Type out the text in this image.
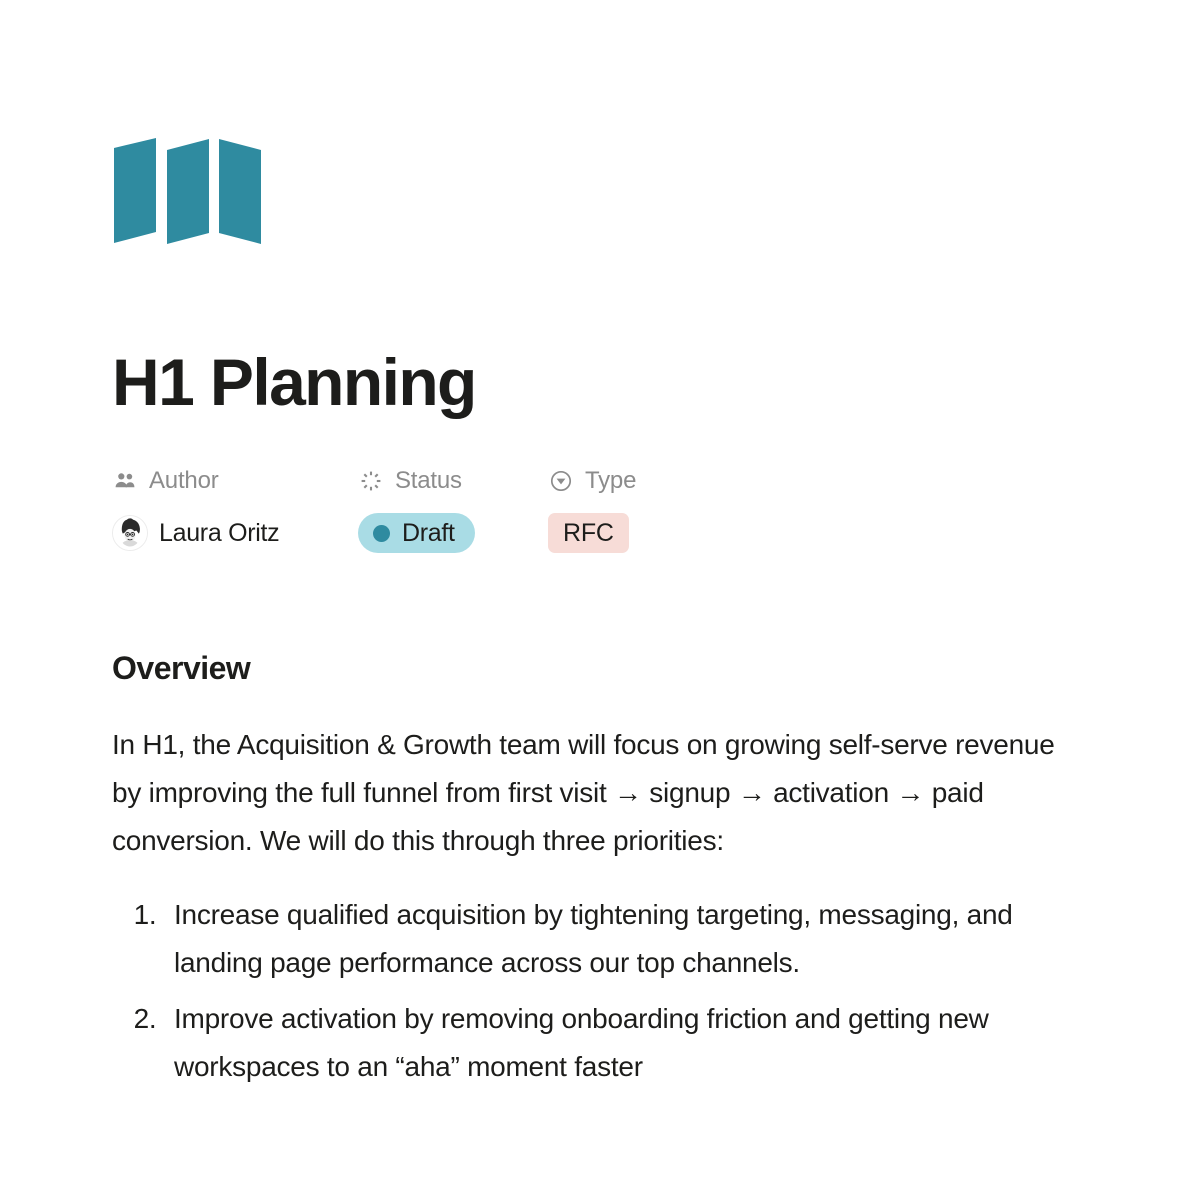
H1 Planning
Author	Status	Type
Laura Oritz	Draft	RFC
Overview

In H1, the Acquisition & Growth team will focus on growing self-serve revenue by improving the full funnel from first visit → signup → activation → paid conversion. We will do this through three priorities:

1. Increase qualified acquisition by tightening targeting, messaging, and landing page performance across our top channels.
2. Improve activation by removing onboarding friction and getting new workspaces to an “aha” moment faster
